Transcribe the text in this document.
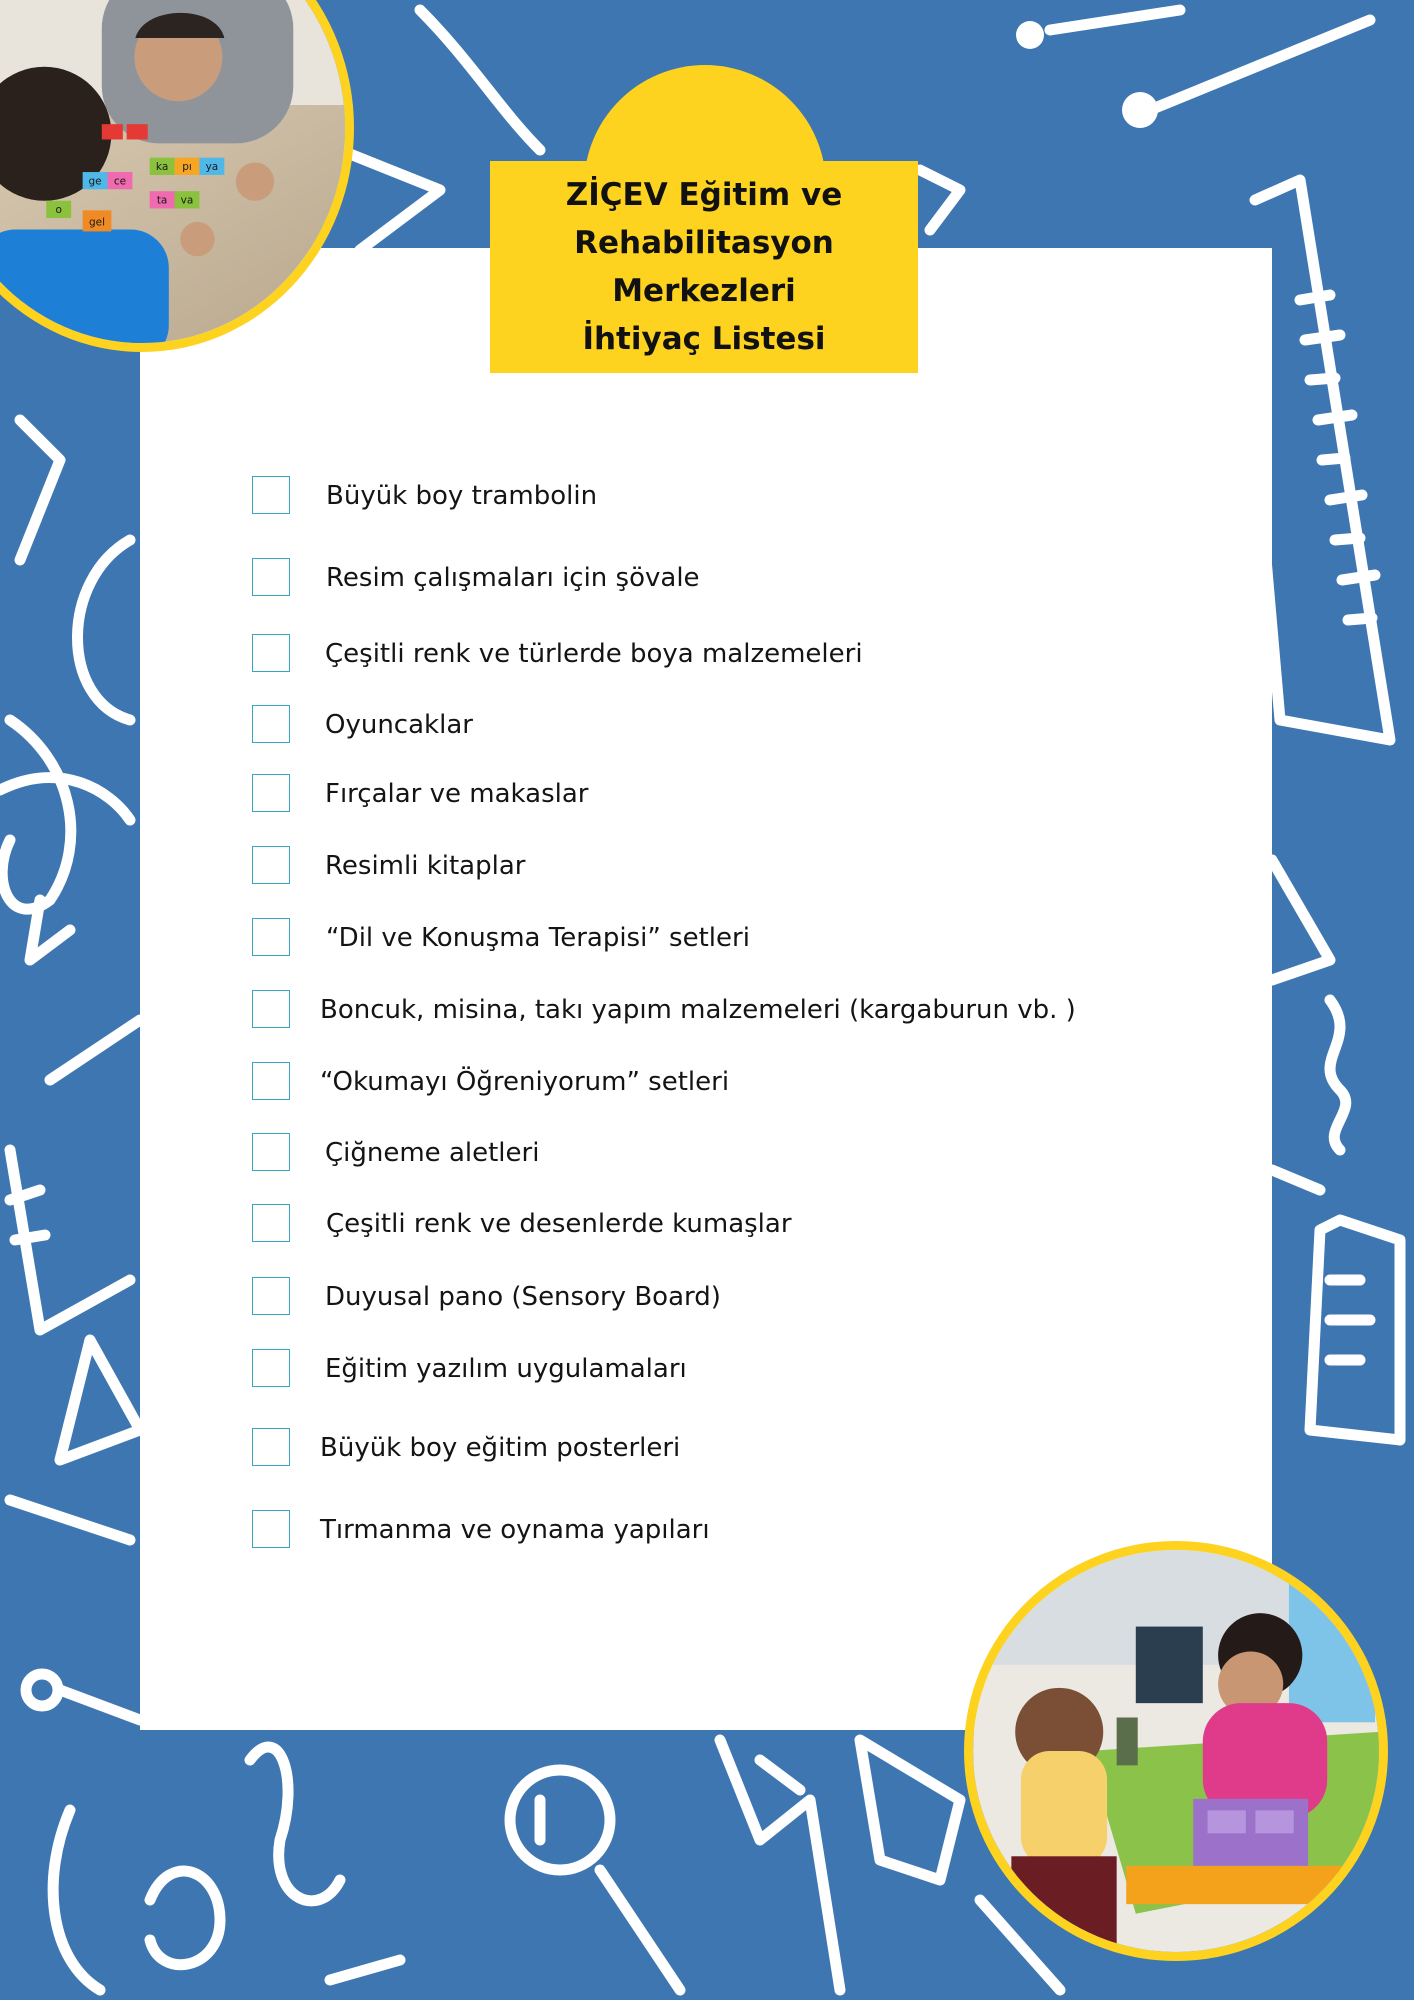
ZİÇEV Eğitim ve
Rehabilitasyon
Merkezleri
İhtiyaç Listesi
Büyük boy trambolin
Resim çalışmaları için şövale
Çeşitli renk ve türlerde boya malzemeleri
Oyuncaklar
Fırçalar ve makaslar
Resimli kitaplar
“Dil ve Konuşma Terapisi” setleri
Boncuk, misina, takı yapım malzemeleri (kargaburun vb. )
“Okumayı Öğreniyorum” setleri
Çiğneme aletleri
Çeşitli renk ve desenlerde kumaşlar
Duyusal pano (Sensory Board)
Eğitim yazılım uygulamaları
Büyük boy eğitim posterleri
Tırmanma ve oynama yapıları
ka pı ya
ge ce
ta va
gel
o
